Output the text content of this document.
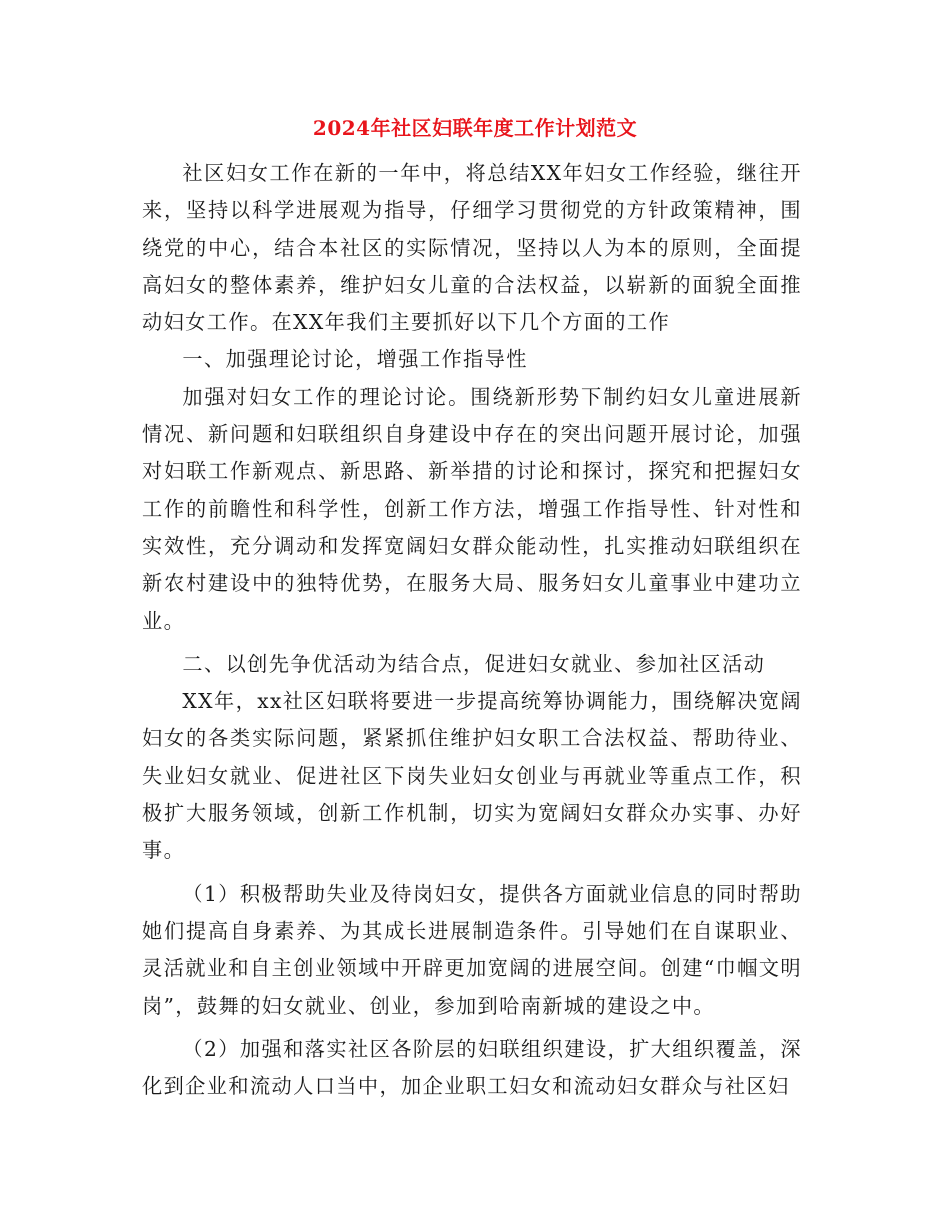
2024年社区妇联年度工作计划范文

社区妇女工作在新的一年中，将总结XX年妇女工作经验，继往开来，坚持以科学进展观为指导，仔细学习贯彻党的方针政策精神，围绕党的中心，结合本社区的实际情况，坚持以人为本的原则，全面提高妇女的整体素养，维护妇女儿童的合法权益，以崭新的面貌全面推动妇女工作。在XX年我们主要抓好以下几个方面的工作

一、加强理论讨论，增强工作指导性

加强对妇女工作的理论讨论。围绕新形势下制约妇女儿童进展新情况、新问题和妇联组织自身建设中存在的突出问题开展讨论，加强对妇联工作新观点、新思路、新举措的讨论和探讨，探究和把握妇女工作的前瞻性和科学性，创新工作方法，增强工作指导性、针对性和实效性，充分调动和发挥宽阔妇女群众能动性，扎实推动妇联组织在新农村建设中的独特优势，在服务大局、服务妇女儿童事业中建功立业。

二、以创先争优活动为结合点，促进妇女就业、参加社区活动

XX年，xx社区妇联将要进一步提高统筹协调能力，围绕解决宽阔妇女的各类实际问题，紧紧抓住维护妇女职工合法权益、帮助待业、失业妇女就业、促进社区下岗失业妇女创业与再就业等重点工作，积极扩大服务领域，创新工作机制，切实为宽阔妇女群众办实事、办好事。

（1）积极帮助失业及待岗妇女，提供各方面就业信息的同时帮助她们提高自身素养、为其成长进展制造条件。引导她们在自谋职业、灵活就业和自主创业领域中开辟更加宽阔的进展空间。创建“巾帼文明岗”，鼓舞的妇女就业、创业，参加到哈南新城的建设之中。

（2）加强和落实社区各阶层的妇联组织建设，扩大组织覆盖，深化到企业和流动人口当中，加企业职工妇女和流动妇女群众与社区妇
